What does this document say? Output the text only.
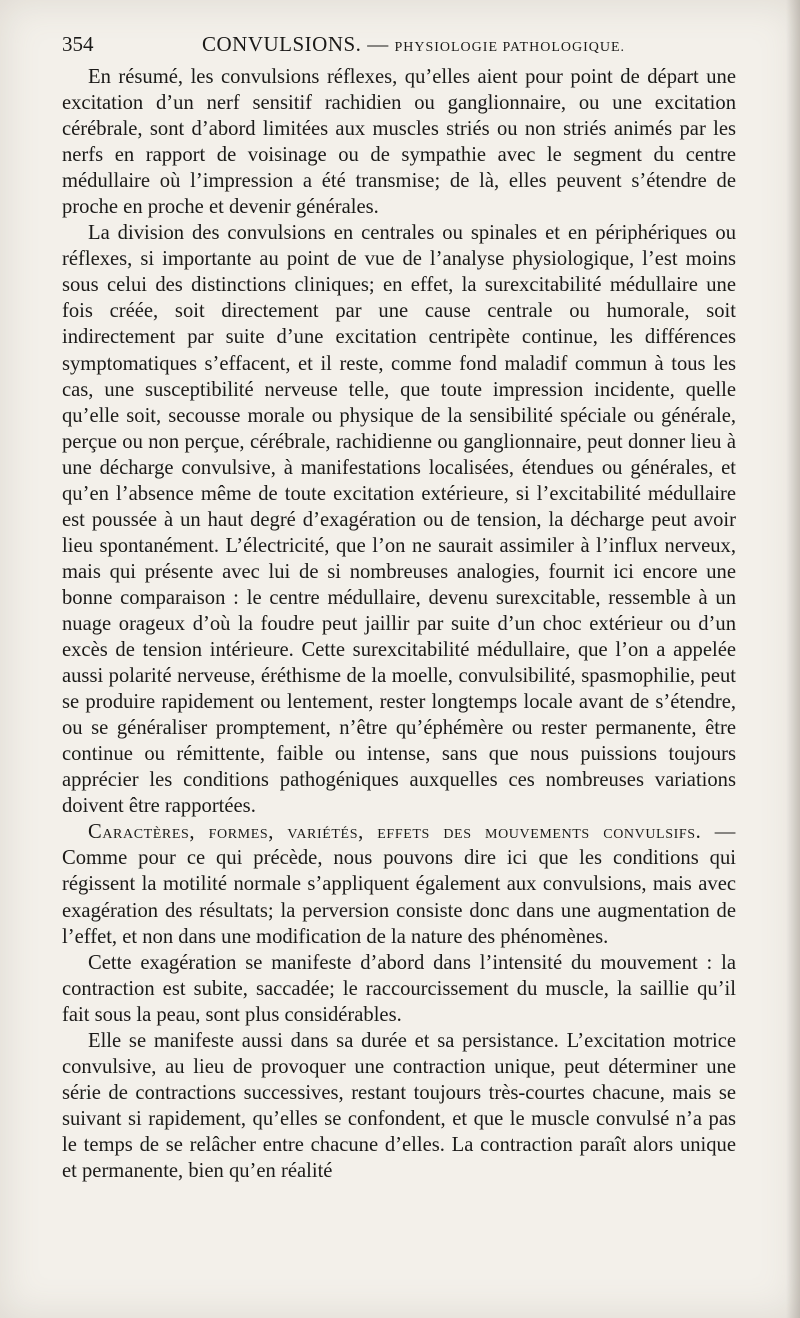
354	CONVULSIONS. — PHYSIOLOGIE PATHOLOGIQUE.

En résumé, les convulsions réflexes, qu’elles aient pour point de départ une excitation d’un nerf sensitif rachidien ou ganglionnaire, ou une excitation cérébrale, sont d’abord limitées aux muscles striés ou non striés animés par les nerfs en rapport de voisinage ou de sympathie avec le segment du centre médullaire où l’impression a été transmise; de là, elles peuvent s’étendre de proche en proche et devenir générales.

La division des convulsions en centrales ou spinales et en périphériques ou réflexes, si importante au point de vue de l’analyse physiologique, l’est moins sous celui des distinctions cliniques; en effet, la surexcitabilité médullaire une fois créée, soit directement par une cause centrale ou humorale, soit indirectement par suite d’une excitation centripète continue, les différences symptomatiques s’effacent, et il reste, comme fond maladif commun à tous les cas, une susceptibilité nerveuse telle, que toute impression incidente, quelle qu’elle soit, secousse morale ou physique de la sensibilité spéciale ou générale, perçue ou non perçue, cérébrale, rachidienne ou ganglionnaire, peut donner lieu à une décharge convulsive, à manifestations localisées, étendues ou générales, et qu’en l’absence même de toute excitation extérieure, si l’excitabilité médullaire est poussée à un haut degré d’exagération ou de tension, la décharge peut avoir lieu spontanément. L’électricité, que l’on ne saurait assimiler à l’influx nerveux, mais qui présente avec lui de si nombreuses analogies, fournit ici encore une bonne comparaison : le centre médullaire, devenu surexcitable, ressemble à un nuage orageux d’où la foudre peut jaillir par suite d’un choc extérieur ou d’un excès de tension intérieure. Cette surexcitabilité médullaire, que l’on a appelée aussi polarité nerveuse, éréthisme de la moelle, convulsibilité, spasmophilie, peut se produire rapidement ou lentement, rester longtemps locale avant de s’étendre, ou se généraliser promptement, n’être qu’éphémère ou rester permanente, être continue ou rémittente, faible ou intense, sans que nous puissions toujours apprécier les conditions pathogéniques auxquelles ces nombreuses variations doivent être rapportées.

Caractères, formes, variétés, effets des mouvements convulsifs. — Comme pour ce qui précède, nous pouvons dire ici que les conditions qui régissent la motilité normale s’appliquent également aux convulsions, mais avec exagération des résultats; la perversion consiste donc dans une augmentation de l’effet, et non dans une modification de la nature des phénomènes.

Cette exagération se manifeste d’abord dans l’intensité du mouvement : la contraction est subite, saccadée; le raccourcissement du muscle, la saillie qu’il fait sous la peau, sont plus considérables.

Elle se manifeste aussi dans sa durée et sa persistance. L’excitation motrice convulsive, au lieu de provoquer une contraction unique, peut déterminer une série de contractions successives, restant toujours très-courtes chacune, mais se suivant si rapidement, qu’elles se confondent, et que le muscle convulsé n’a pas le temps de se relâcher entre chacune d’elles. La contraction paraît alors unique et permanente, bien qu’en réalité
